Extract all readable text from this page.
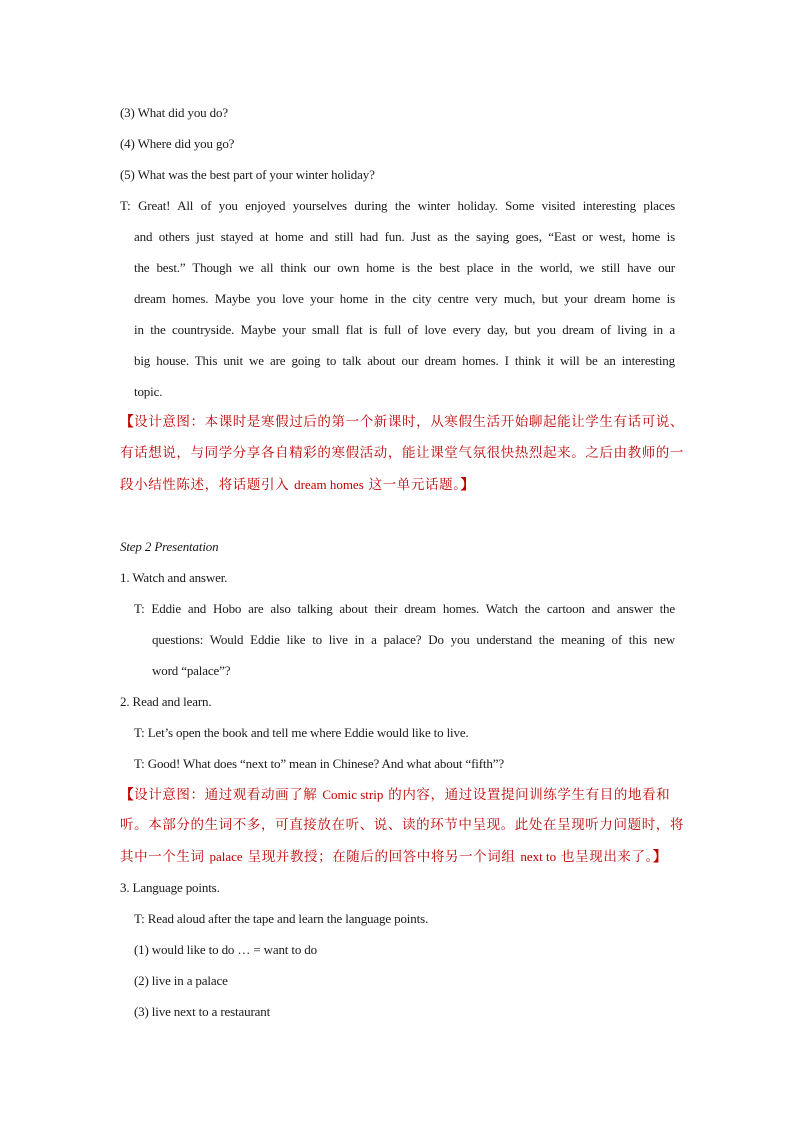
(3) What did you do?
(4) Where did you go?
(5) What was the best part of your winter holiday?
T: Great! All of you enjoyed yourselves during the winter holiday. Some visited interesting places
and others just stayed at home and still had fun. Just as the saying goes, “East or west, home is
the best.” Though we all think our own home is the best place in the world, we still have our
dream homes. Maybe you love your home in the city centre very much, but your dream home is
in the countryside. Maybe your small flat is full of love every day, but you dream of living in a
big house. This unit we are going to talk about our dream homes. I think it will be an interesting
topic.
【设计意图：本课时是寒假过后的第一个新课时，从寒假生活开始聊起能让学生有话可说、
有话想说，与同学分享各自精彩的寒假活动，能让课堂气氛很快热烈起来。之后由教师的一
段小结性陈述，将话题引入 dream homes 这一单元话题。】
Step 2 Presentation
1. Watch and answer.
T: Eddie and Hobo are also talking about their dream homes. Watch the cartoon and answer the
questions: Would Eddie like to live in a palace? Do you understand the meaning of this new
word “palace”?
2. Read and learn.
T: Let’s open the book and tell me where Eddie would like to live.
T: Good! What does “next to” mean in Chinese? And what about “fifth”?
【设计意图：通过观看动画了解 Comic strip 的内容，通过设置提问训练学生有目的地看和
听。本部分的生词不多，可直接放在听、说、读的环节中呈现。此处在呈现听力问题时，将
其中一个生词 palace 呈现并教授；在随后的回答中将另一个词组 next to 也呈现出来了。】
3. Language points.
T: Read aloud after the tape and learn the language points.
(1) would like to do … = want to do
(2) live in a palace
(3) live next to a restaurant
